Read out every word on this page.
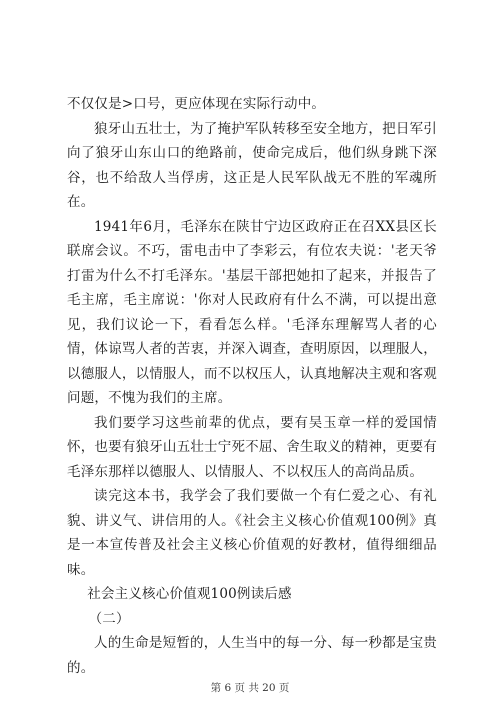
不仅仅是>口号，更应体现在实际行动中。

狼牙山五壮士，为了掩护军队转移至安全地方，把日军引向了狼牙山东山口的绝路前，使命完成后，他们纵身跳下深谷，也不给敌人当俘虏，这正是人民军队战无不胜的军魂所在。

1941年6月，毛泽东在陕甘宁边区政府正在召XX县区长联席会议。不巧，雷电击中了李彩云，有位农夫说：'老天爷打雷为什么不打毛泽东。'基层干部把她扣了起来，并报告了毛主席，毛主席说：'你对人民政府有什么不满，可以提出意见，我们议论一下，看看怎么样。'毛泽东理解骂人者的心情，体谅骂人者的苦衷，并深入调查，查明原因，以理服人，以德服人，以情服人，而不以权压人，认真地解决主观和客观问题，不愧为我们的主席。

我们要学习这些前辈的优点，要有吴玉章一样的爱国情怀，也要有狼牙山五壮士宁死不屈、舍生取义的精神，更要有毛泽东那样以德服人、以情服人、不以权压人的高尚品质。

读完这本书，我学会了我们要做一个有仁爱之心、有礼貌、讲义气、讲信用的人。《社会主义核心价值观100例》真是一本宣传普及社会主义核心价值观的好教材，值得细细品味。

社会主义核心价值观100例读后感

（二）

人的生命是短暂的，人生当中的每一分、每一秒都是宝贵的。

第 6 页 共 20 页
